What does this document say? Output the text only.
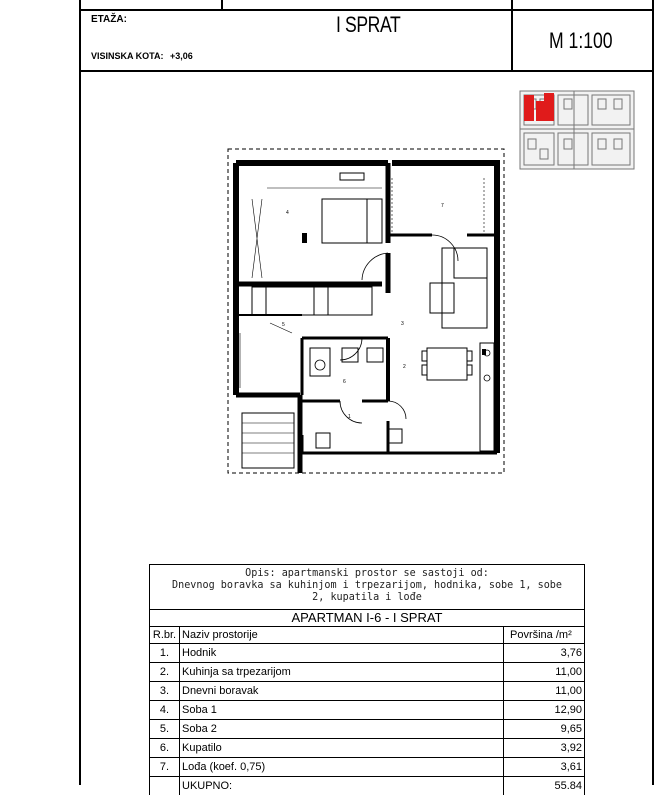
ETAŽA:
VISINSKA KOTA: +3,06
I SPRAT
M 1:100
1
2
3
4
5
6
7
Opis: apartmanski prostor se sastoji od:
Dnevnog boravka sa kuhinjom i trpezarijom, hodnika, sobe 1, sobe
2, kupatila i lođe
APARTMAN I-6 - I SPRAT
R.br. Naziv prostorije	Površina /m²
1.	Hodnik	3,76
2.	Kuhinja sa trpezarijom	11,00
3.	Dnevni boravak	11,00
4.	Soba 1	12,90
5.	Soba 2	9,65
6.	Kupatilo	3,92
7.	Lođa (koef. 0,75)	3,61
UKUPNO:	55.84
